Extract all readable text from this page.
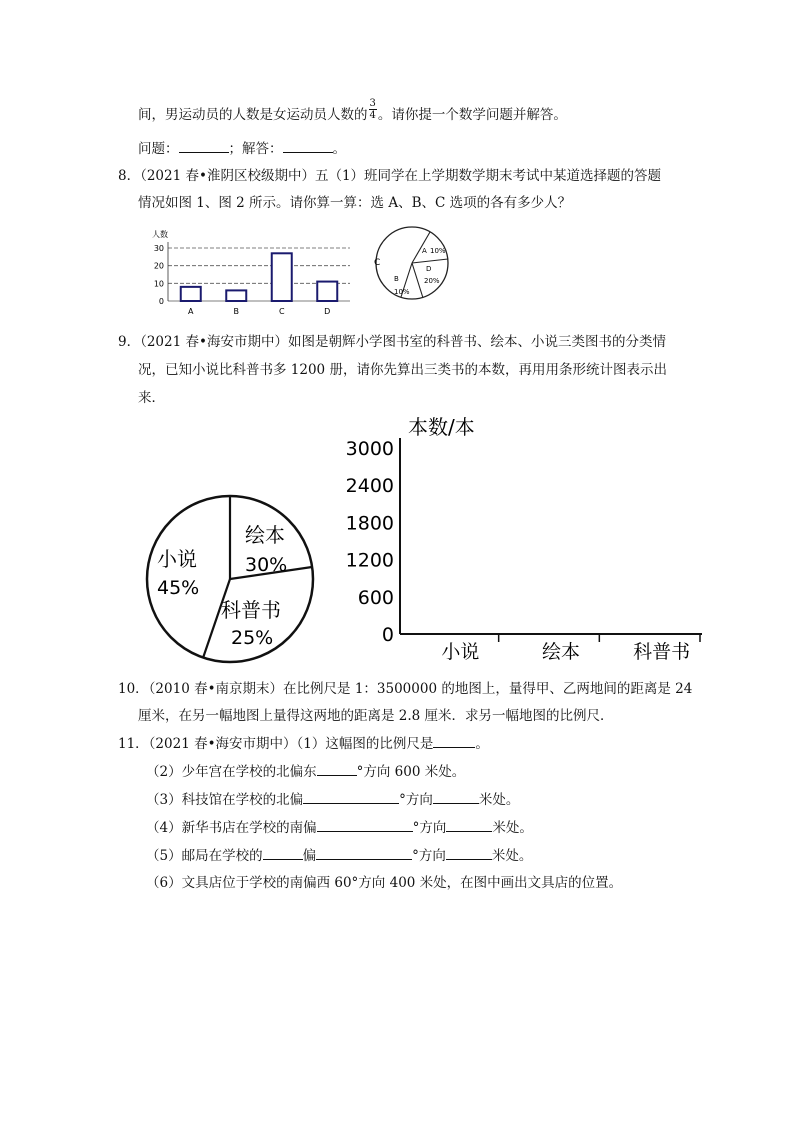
间，男运动员的人数是女运动员人数的 $\frac{3}{4}$ 。请你提一个数学问题并解答。
问题：	；解答：	。
8．（2021 春•淮阴区校级期中）五（1）班同学在上学期数学期末考试中某道选择题的答题
情况如图 1、图 2 所示。请你算一算：选 A、B、C 选项的各有多少人？
人数
0
10
20
30
A	B	C	D
C
A 10%
D
20%
B
10%
9．（2021 春•海安市期中）如图是朝辉小学图书室的科普书、绘本、小说三类图书的分类情
况，已知小说比科普书多 1200 册，请你先算出三类书的本数，再用用条形统计图表示出
来．
小说
45%
绘本
30%
科普书
25%
本数/本
0
600
1200
1800
2400
3000
小说	绘本	科普书
10．（2010 春•南京期末）在比例尺是 1：3500000 的地图上，量得甲、乙两地间的距离是 24
厘米，在另一幅地图上量得这两地的距离是 2.8 厘米．求另一幅地图的比例尺．
11．（2021 春•海安市期中）（1）这幅图的比例尺是	。
（2）少年宫在学校的北偏东	°方向 600 米处。
（3）科技馆在学校的北偏	°方向	米处。
（4）新华书店在学校的南偏	°方向	米处。
（5）邮局在学校的	偏	°方向	米处。
（6）文具店位于学校的南偏西 60°方向 400 米处，在图中画出文具店的位置。
